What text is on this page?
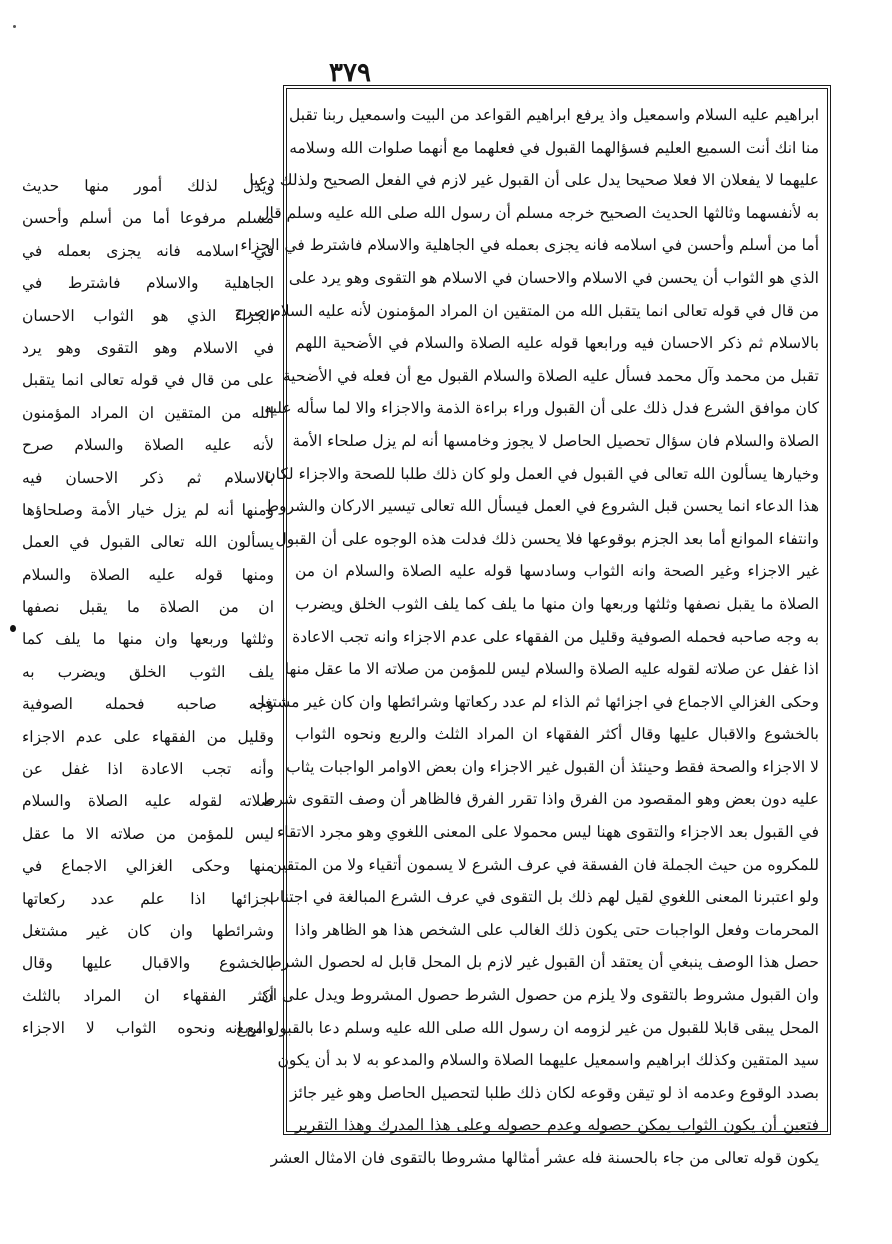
٣٧٩
ويدل لذلك أمور منها حديث
مسلم مرفوعا أما من أسلم وأحسن
في اسلامه فانه يجزى بعمله في
الجاهلية والاسلام فاشترط في
الجزاء الذي هو الثواب الاحسان
في الاسلام وهو التقوى وهو يرد
على من قال في قوله تعالى انما يتقبل
الله من المتقين ان المراد المؤمنون
لأنه عليه الصلاة والسلام صرح
بالاسلام ثم ذكر الاحسان فيه
ومنها أنه لم يزل خيار الأمة وصلحاؤها
يسألون الله تعالى القبول في العمل
ومنها قوله عليه الصلاة والسلام
ان من الصلاة ما يقبل نصفها
وثلثها وربعها وان منها ما يلف كما
يلف الثوب الخلق ويضرب به
وجه صاحبه فحمله الصوفية
وقليل من الفقهاء على عدم الاجزاء
وأنه تجب الاعادة اذا غفل عن
صلاته لقوله عليه الصلاة والسلام
ليس للمؤمن من صلاته الا ما عقل
منها وحكى الغزالي الاجماع في
اجزائها اذا علم عدد ركعاتها
وشرائطها وان كان غير مشتغل
بالخشوع والاقبال عليها وقال
أكثر الفقهاء ان المراد بالثلث
والربع ونحوه الثواب لا الاجزاء
ابراهيم عليه السلام واسمعيل واذ يرفع ابراهيم القواعد من البيت واسمعيل ربنا تقبل
منا انك أنت السميع العليم فسؤالهما القبول في فعلهما مع أنهما صلوات الله وسلامه
عليهما لا يفعلان الا فعلا صحيحا يدل على أن القبول غير لازم في الفعل الصحيح ولذلك دعيا
به لأنفسهما وثالثها الحديث الصحيح خرجه مسلم أن رسول الله صلى الله عليه وسلم قال
أما من أسلم وأحسن في اسلامه فانه يجزى بعمله في الجاهلية والاسلام فاشترط في الجزاء
الذي هو الثواب أن يحسن في الاسلام والاحسان في الاسلام هو التقوى وهو يرد على
من قال في قوله تعالى انما يتقبل الله من المتقين ان المراد المؤمنون لأنه عليه السلام صرح
بالاسلام ثم ذكر الاحسان فيه ورابعها قوله عليه الصلاة والسلام في الأضحية اللهم
تقبل من محمد وآل محمد فسأل عليه الصلاة والسلام القبول مع أن فعله في الأضحية
كان موافق الشرع فدل ذلك على أن القبول وراء براءة الذمة والاجزاء والا لما سأله عليه
الصلاة والسلام فان سؤال تحصيل الحاصل لا يجوز وخامسها أنه لم يزل صلحاء الأمة
وخيارها يسألون الله تعالى في القبول في العمل ولو كان ذلك طلبا للصحة والاجزاء لكان
هذا الدعاء انما يحسن قبل الشروع في العمل فيسأل الله تعالى تيسير الاركان والشروط
وانتفاء الموانع أما بعد الجزم بوقوعها فلا يحسن ذلك فدلت هذه الوجوه على أن القبول
غير الاجزاء وغير الصحة وانه الثواب وسادسها قوله عليه الصلاة والسلام ان من
الصلاة ما يقبل نصفها وثلثها وربعها وان منها ما يلف كما يلف الثوب الخلق ويضرب
به وجه صاحبه فحمله الصوفية وقليل من الفقهاء على عدم الاجزاء وانه تجب الاعادة
اذا غفل عن صلاته لقوله عليه الصلاة والسلام ليس للمؤمن من صلاته الا ما عقل منها
وحكى الغزالي الاجماع في اجزائها ثم الذاء لم عدد ركعاتها وشرائطها وان كان غير مشتغل
بالخشوع والاقبال عليها وقال أكثر الفقهاء ان المراد الثلث والربع ونحوه الثواب
لا الاجزاء والصحة فقط وحينئذ أن القبول غير الاجزاء وان بعض الاوامر الواجبات يثاب
عليه دون بعض وهو المقصود من الفرق واذا تقرر الفرق فالظاهر أن وصف التقوى شرط
في القبول بعد الاجزاء والتقوى ههنا ليس محمولا على المعنى اللغوي وهو مجرد الاتقاء
للمكروه من حيث الجملة فان الفسقة في عرف الشرع لا يسمون أتقياء ولا من المتقين
ولو اعتبرنا المعنى اللغوي لقيل لهم ذلك بل التقوى في عرف الشرع المبالغة في اجتناب
المحرمات وفعل الواجبات حتى يكون ذلك الغالب على الشخص هذا هو الظاهر واذا
حصل هذا الوصف ينبغي أن يعتقد أن القبول غير لازم بل المحل قابل له لحصول الشرط
وان القبول مشروط بالتقوى ولا يلزم من حصول الشرط حصول المشروط ويدل على ان
المحل يبقى قابلا للقبول من غير لزومه ان رسول الله صلى الله عليه وسلم دعا بالقبول مع انه
سيد المتقين وكذلك ابراهيم واسمعيل عليهما الصلاة والسلام والمدعو به لا بد أن يكون
بصدد الوقوع وعدمه اذ لو تيقن وقوعه لكان ذلك طلبا لتحصيل الحاصل وهو غير جائز
فتعين أن يكون الثواب يمكن حصوله وعدم حصوله وعلى هذا المدرك وهذا التقرير
يكون قوله تعالى من جاء بالحسنة فله عشر أمثالها مشروطا بالتقوى فان الامثال العشر
